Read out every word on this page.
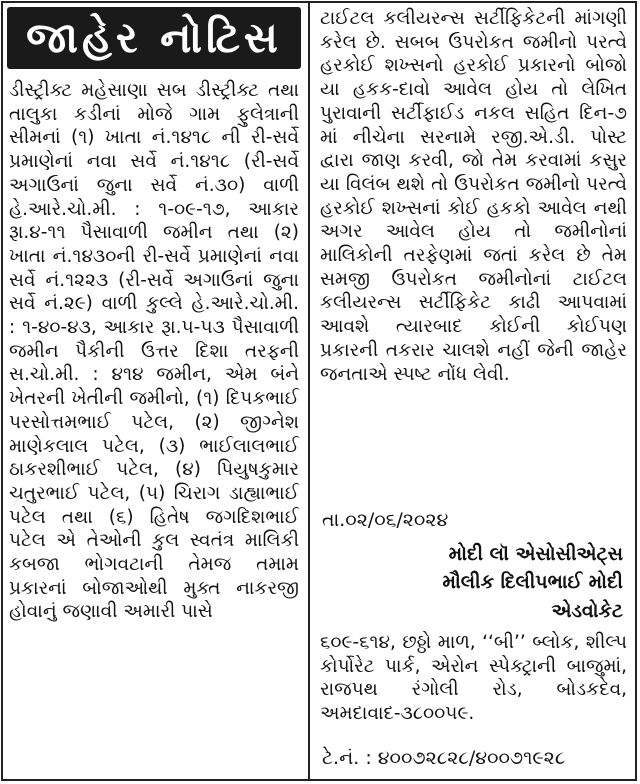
જાહેર નોટિસ
ડીસ્ટ્રીક્ટ મહેસાણા સબ ડીસ્ટ્રીક્ટ તથા તાલુકા કડીનાં મોજે ગામ ફુલેત્રાની સીમનાં (૧) ખાતા નં.૧૪૧૮ ની રી-સર્વે પ્રમાણેનાં નવા સર્વે નં.૧૪૧૮ (રી-સર્વે અગાઉનાં જુના સર્વે નં.૩૦) વાળી હે.આરે.ચો.મી. : ૧-૦૯-૧૭, આકાર રૂા.૪-૧૧ પૈસાવાળી જમીન તથા (૨) ખાતા નં.૧૪૩૦ની રી-સર્વે પ્રમાણેનાં નવા સર્વે નં.૧૨૨૩ (રી-સર્વે અગાઉનાં જુના સર્વે નં.૨૯) વાળી કુલ્લે હે.આરે.ચો.મી. : ૧-૪૦-૪૩, આકાર રૂા.૫-૫૩ પૈસાવાળી જમીન પૈકીની ઉત્તર દિશા તરફની સ.ચો.મી. : ૪૧૪ જમીન, એમ બંને ખેતરની ખેતીની જમીનો, (૧) દિપકભાઈ પરસોત્તમભાઈ પટેલ, (૨) જીગ્નેશ માણેકલાલ પટેલ, (૩) ભાઈલાલભાઈ ઠાકરશીભાઈ પટેલ, (૪) પિયુષકુમાર ચતુરભાઈ પટેલ, (૫) ચિરાગ ડાહ્યાભાઈ પટેલ તથા (૬) હિતેષ જગદિશભાઈ પટેલ એ તેઓની કુલ સ્વતંત્ર માલિકી કબજા ભોગવટાની તેમજ તમામ પ્રકારનાં બોજાઓથી મુક્ત નાકરજી હોવાનું જણાવી અમારી પાસે
ટાઈટલ કલીયરન્સ સર્ટીફિકેટની માંગણી કરેલ છે. સબબ ઉપરોકત જમીનો પરત્વે હરકોઈ શખ્સનો હરકોઈ પ્રકારનો બોજો યા હકક-દાવો આવેલ હોય તો લેખિત પુરાવાની સર્ટીફાઈડ નકલ સહિત દિન-૭ માં નીચેના સરનામે રજી.એ.ડી. પોસ્ટ દ્વારા જાણ કરવી, જો તેમ કરવામાં કસુર યા વિલંબ થશે તો ઉપરોકત જમીનો પરત્વે હરકોઈ શખ્સનાં કોઈ હકકો આવેલ નથી અગર આવેલ હોય તો જમીનોનાં માલિકોની તરફેણમાં જતાં કરેલ છે તેમ સમજી ઉપરોકત જમીનોનાં ટાઈટલ કલીયરન્સ સર્ટીફિકેટ કાઢી આપવામાં આવશે ત્યારબાદ કોઈની કોઈપણ પ્રકારની તકરાર ચાલશે નહીં જેની જાહેર જનતાએ સ્પષ્ટ નોંધ લેવી.
તા.૦૨/૦૬/૨૦૨૪
મોદી લૉ એસોસીએટ્સ
મૌલીક દિલીપભાઈ મોદી
એડવોકેટ
૬૦૯-૬૧૪, છઠ્ઠો માળ, ‘‘બી’’ બ્લોક, શીલ્પ કોર્પોરેટ પાર્ક, એરોન સ્પેક્ટ્રાની બાજુમાં, રાજપથ રંગોલી રોડ, બોડકદેવ, અમદાવાદ-૩૮૦૦૫૯.
ટે.નં. : ૪૦૦૭૨૮૨૮/૪૦૦૭૧૯૨૮
